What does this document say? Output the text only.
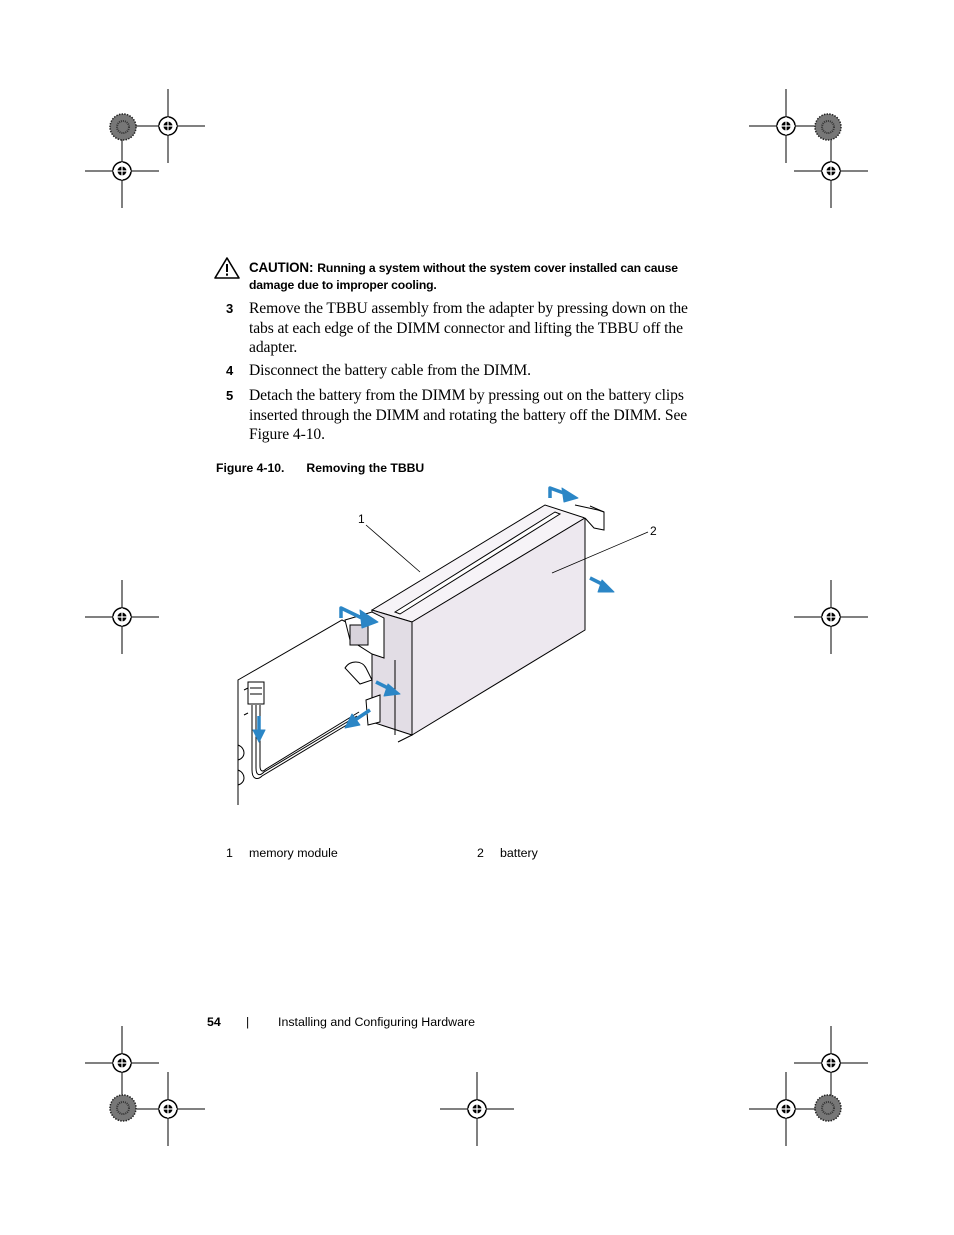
CAUTION: Running a system without the system cover installed can cause damage due to improper cooling.
3 Remove the TBBU assembly from the adapter by pressing down on the tabs at each edge of the DIMM connector and lifting the TBBU off the adapter.
4 Disconnect the battery cable from the DIMM.
5 Detach the battery from the DIMM by pressing out on the battery clips inserted through the DIMM and rotating the battery off the DIMM. See Figure 4-10.
Figure 4-10. Removing the TBBU
1
2
1 memory module	2 battery
54 | Installing and Configuring Hardware
